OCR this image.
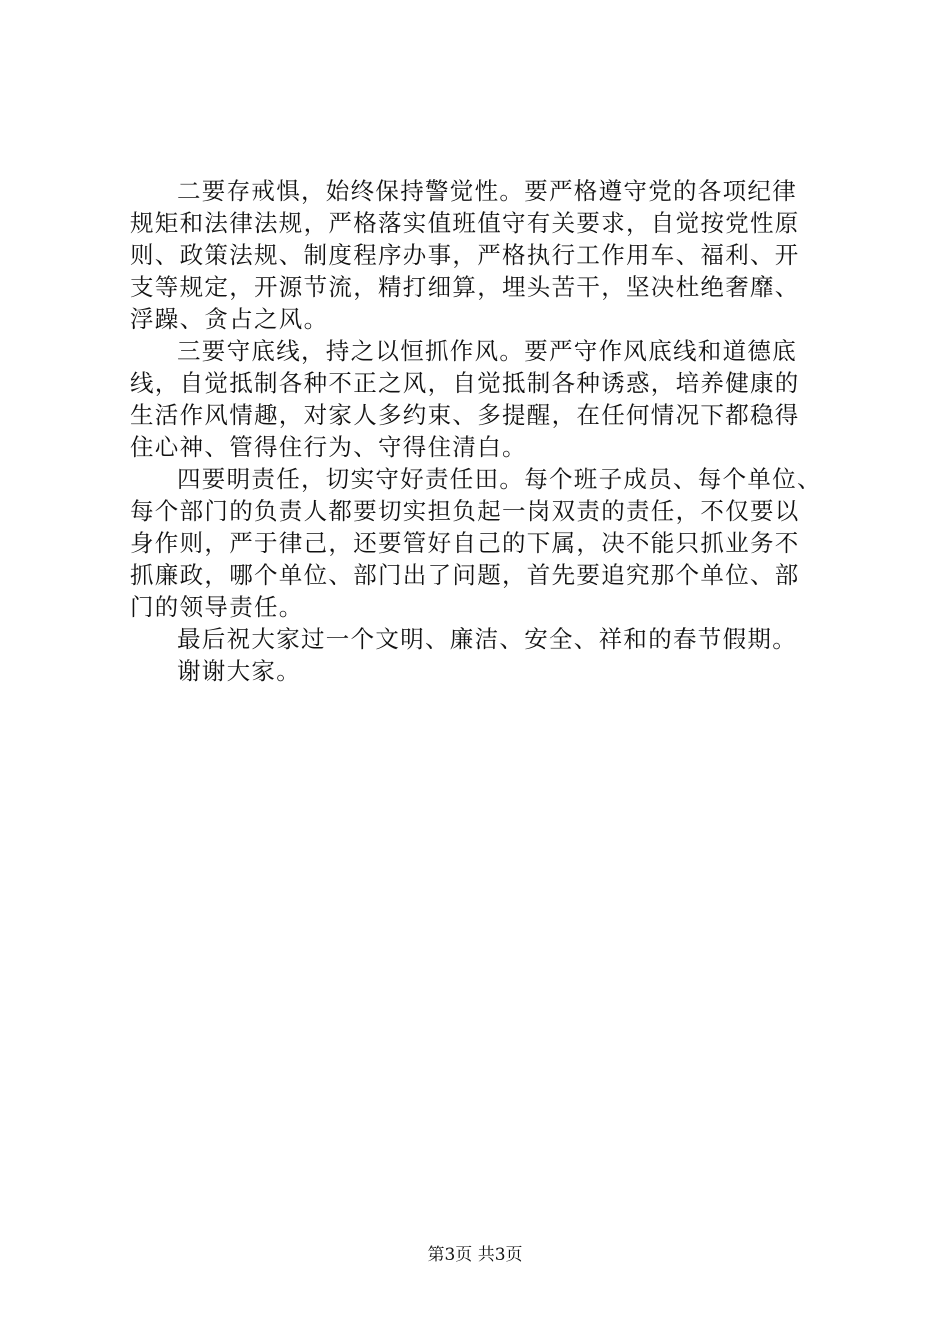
二要存戒惧，始终保持警觉性。要严格遵守党的各项纪律
规矩和法律法规，严格落实值班值守有关要求，自觉按党性原
则、政策法规、制度程序办事，严格执行工作用车、福利、开
支等规定，开源节流，精打细算，埋头苦干，坚决杜绝奢靡、
浮躁、贪占之风。
三要守底线，持之以恒抓作风。要严守作风底线和道德底
线，自觉抵制各种不正之风，自觉抵制各种诱惑，培养健康的
生活作风情趣，对家人多约束、多提醒，在任何情况下都稳得
住心神、管得住行为、守得住清白。
四要明责任，切实守好责任田。每个班子成员、每个单位、
每个部门的负责人都要切实担负起一岗双责的责任，不仅要以
身作则，严于律己，还要管好自己的下属，决不能只抓业务不
抓廉政，哪个单位、部门出了问题，首先要追究那个单位、部
门的领导责任。
最后祝大家过一个文明、廉洁、安全、祥和的春节假期。
谢谢大家。
第3页 共3页
